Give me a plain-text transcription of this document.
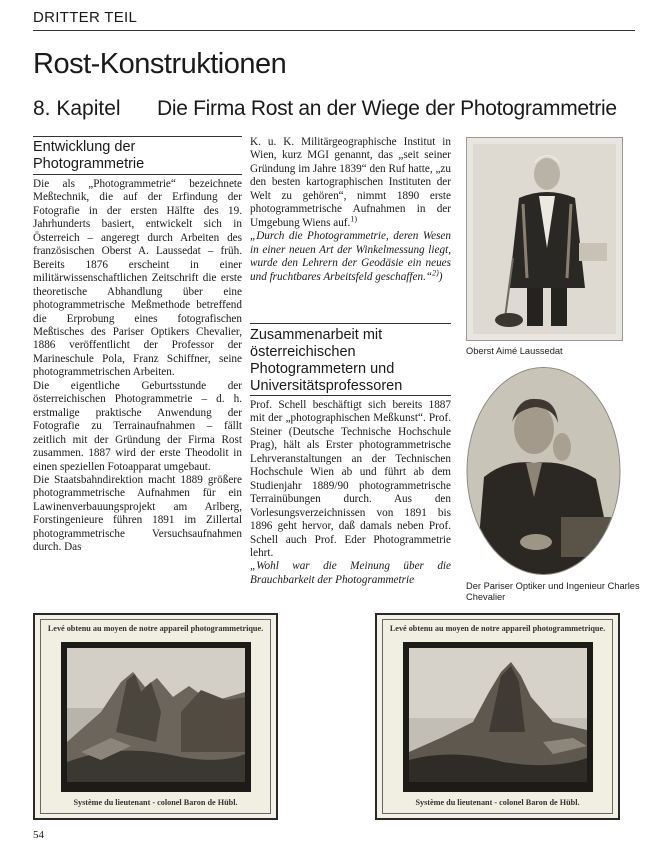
DRITTER TEIL
Rost-Konstruktionen
8. Kapitel Die Firma Rost an der Wiege der Photogrammetrie
Entwicklung der
Photogrammetrie

Die als „Photogrammetrie“ bezeichnete Meßtechnik, die auf der Erfindung der Fotografie in der ersten Hälfte des 19. Jahrhunderts basiert, entwickelt sich in Österreich – angeregt durch Arbeiten des französischen Oberst A. Laussedat – früh. Bereits 1876 erscheint in einer militärwissenschaftlichen Zeitschrift die erste theoretische Abhandlung über eine photogrammetrische Meßmethode betreffend die Erprobung eines fotografischen Meßtisches des Pariser Optikers Chevalier, 1886 veröffentlicht der Professor der Marineschule Pola, Franz Schiffner, seine photogrammetrischen Arbeiten.

Die eigentliche Geburtsstunde der österreichischen Photogrammetrie – d. h. erstmalige praktische Anwendung der Fotografie zu Terrainaufnahmen – fällt zeitlich mit der Gründung der Firma Rost zusammen. 1887 wird der erste Theodolit in einen speziellen Fotoapparat umgebaut.

Die Staatsbahndirektion macht 1889 größere photogrammetrische Aufnahmen für ein Lawinenverbauungsprojekt am Arlberg, Forstingenieure führen 1891 im Zillertal photogrammetrische Versuchsaufnahmen durch. Das

K. u. K. Militärgeographische Institut in Wien, kurz MGI genannt, das „seit seiner Gründung im Jahre 1839“ den Ruf hatte, „zu den besten kartographischen Instituten der Welt zu gehören“, nimmt 1890 erste photogrammetrische Aufnahmen in der Umgebung Wiens auf.$^{1)}$

„Durch die Photogrammetrie, deren Wesen in einer neuen Art der Winkelmessung liegt, wurde den Lehrern der Geodäsie ein neues und fruchtbares Arbeitsfeld geschaffen.“$^{2)}$)

Zusammenarbeit mit
österreichischen
Photogrammetern und
Universitätsprofessoren

Prof. Schell beschäftigt sich bereits 1887 mit der „photographischen Meßkunst“. Prof. Steiner (Deutsche Technische Hochschule Prag), hält als Erster photogrammetrische Lehrveranstaltungen an der Technischen Hochschule Wien ab und führt ab dem Studienjahr 1889/90 photogrammetrische Terrainübungen durch. Aus den Vorlesungsverzeichnissen von 1891 bis 1896 geht hervor, daß damals neben Prof. Schell auch Prof. Eder Photogrammetrie lehrt.

„Wohl war die Meinung über die Brauchbarkeit der Photogrammetrie

Oberst Aimé Laussedat
Der Pariser Optiker und Ingenieur Charles Chevalier
Levé obtenu au moyen de notre appareil photogrammetrique.
Système du lieutenant - colonel Baron de Hübl.
Levé obtenu au moyen de notre appareil photogrammetrique.
Système du lieutenant - colonel Baron de Hübl.
54
